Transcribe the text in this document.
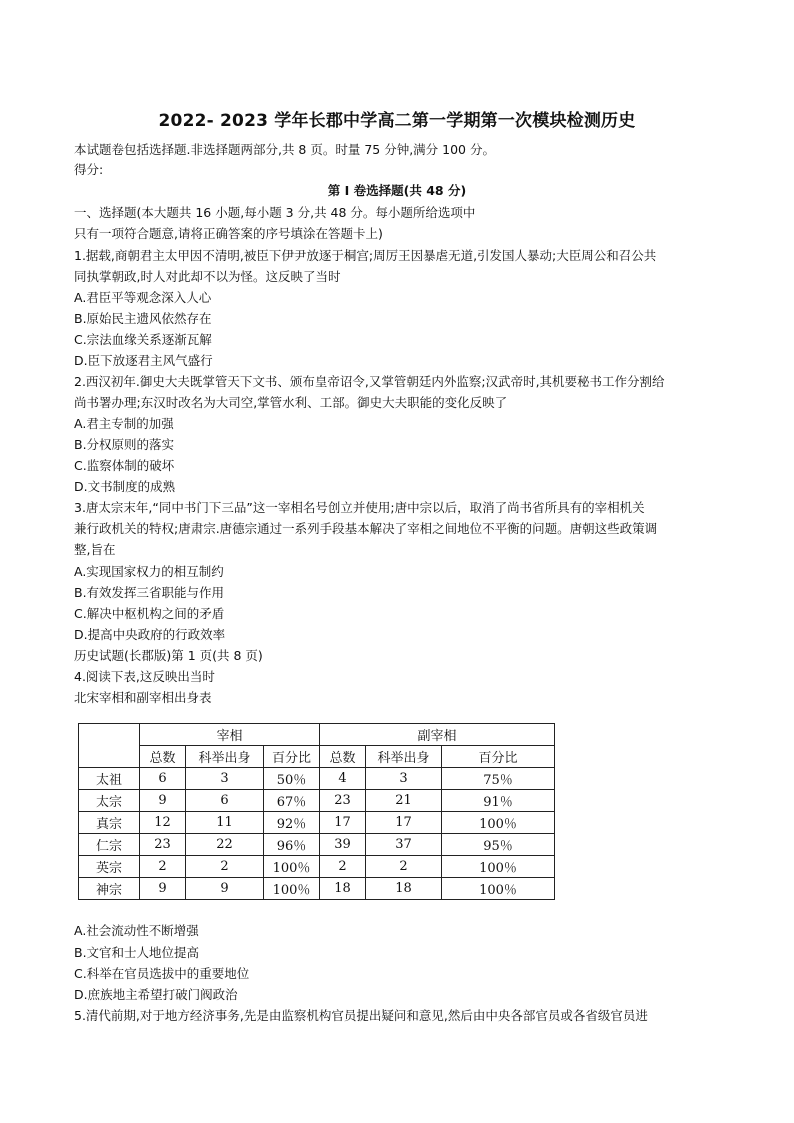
2022- 2023 学年长郡中学高二第一学期第一次模块检测历史
本试题卷包括选择题.非选择题两部分,共 8 页。时量 75 分钟,满分 100 分。
得分:
第 I 卷选择题(共 48 分)
一、选择题(本大题共 16 小题,每小题 3 分,共 48 分。每小题所给选项中
只有一项符合题意,请将正确答案的序号填涂在答题卡上)
1.据载,商朝君主太甲因不清明,被臣下伊尹放逐于桐宫;周厉王因暴虐无道,引发国人暴动;大臣周公和召公共
同执掌朝政,时人对此却不以为怪。这反映了当时
A.君臣平等观念深入人心
B.原始民主遗风依然存在
C.宗法血缘关系逐渐瓦解
D.臣下放逐君主风气盛行
2.西汉初年.御史大夫既掌管天下文书、颁布皇帝诏令,又掌管朝廷内外监察;汉武帝时,其机要秘书工作分割给
尚书署办理;东汉时改名为大司空,掌管水利、工部。御史大夫职能的变化反映了
A.君主专制的加强
B.分权原则的落实
C.监察体制的破坏
D.文书制度的成熟
3.唐太宗末年,“同中书门下三品”这一宰相名号创立并使用;唐中宗以后，取消了尚书省所具有的宰相机关
兼行政机关的特权;唐肃宗.唐德宗通过一系列手段基本解决了宰相之间地位不平衡的问题。唐朝这些政策调
整,旨在
A.实现国家权力的相互制约
B.有效发挥三省职能与作用
C.解决中枢机构之间的矛盾
D.提高中央政府的行政效率
历史试题(长郡版)第 1 页(共 8 页)
4.阅读下表,这反映出当时
北宋宰相和副宰相出身表
	宰相			副宰相		
	总数	科举出身	百分比	总数	科举出身	百分比
太祖	6	3	50％	4	3	75％
太宗	9	6	67％	23	21	91％
真宗	12	11	92％	17	17	100％
仁宗	23	22	96％	39	37	95％
英宗	2	2	100％	2	2	100％
神宗	9	9	100％	18	18	100％
A.社会流动性不断增强
B.文官和士人地位提高
C.科举在官员选拔中的重要地位
D.庶族地主希望打破门阀政治
5.清代前期,对于地方经济事务,先是由监察机构官员提出疑问和意见,然后由中央各部官员或各省级官员进
